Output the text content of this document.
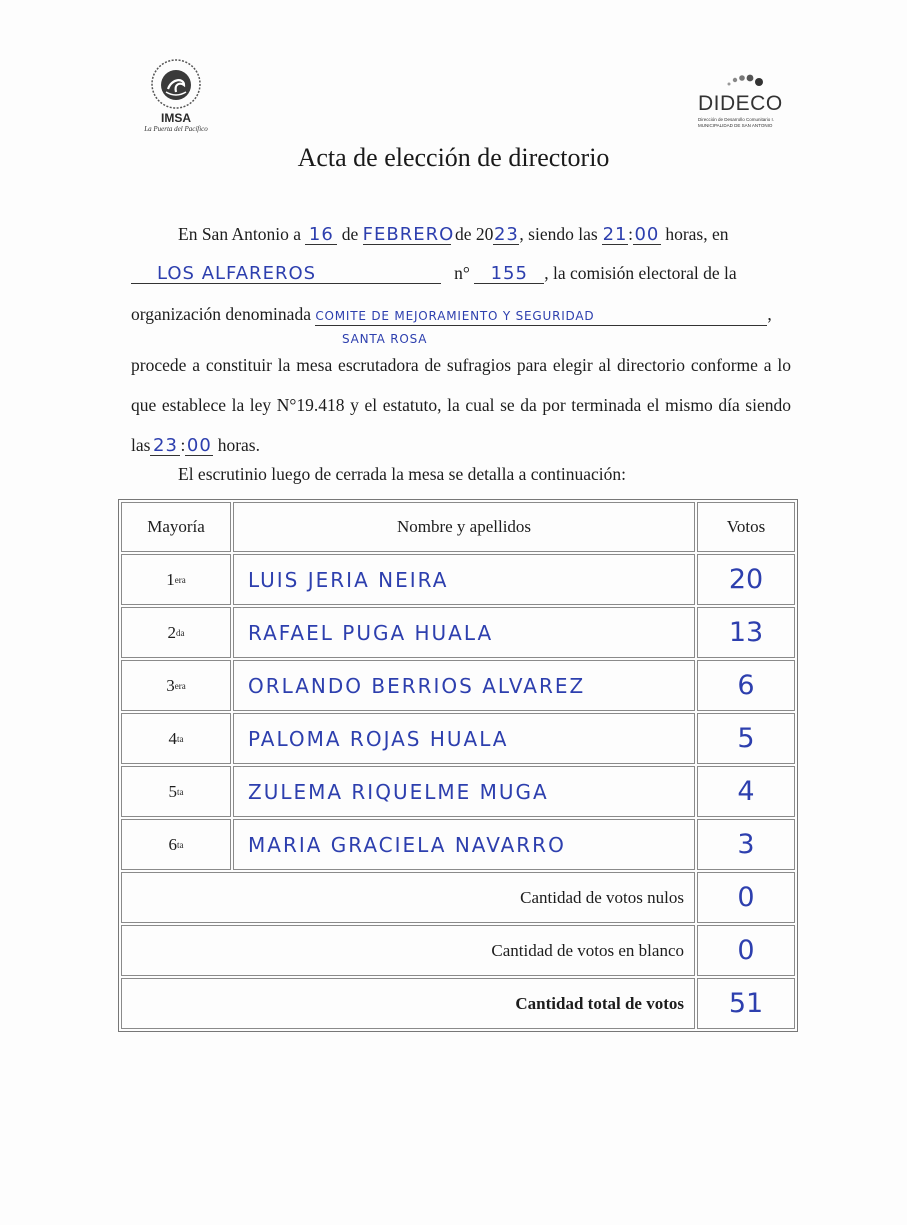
IMSA
La Puerta del Pacífico
DIDECO
Dirección de Desarrollo Comunitario I. MUNICIPALIDAD DE SAN ANTONIO
Acta de elección de directorio
En San Antonio a 16 de FEBRERO de 2023, siendo las 21:00 horas, en
LOS ALFAREROS	n° 155 , la comisión electoral de la
organización denominada COMITE DE MEJORAMIENTO Y SEGURIDAD	,
SANTA ROSA
procede a constituir la mesa escrutadora de sufragios para elegir al directorio conforme a lo que establece la ley N°19.418 y el estatuto, la cual se da por terminada el mismo día siendo las 23 :00 horas.
El escrutinio luego de cerrada la mesa se detalla a continuación:
Mayoría	Nombre y apellidos	Votos
1 era	LUIS JERIA NEIRA	20
2 da	RAFAEL PUGA HUALA	13
3 era	ORLANDO BERRIOS ALVAREZ	6
4 ta	PALOMA ROJAS HUALA	5
5 ta	ZULEMA RIQUELME MUGA	4
6 ta	MARIA GRACIELA NAVARRO	3
Cantidad de votos nulos	0
Cantidad de votos en blanco	0
Cantidad total de votos	51
